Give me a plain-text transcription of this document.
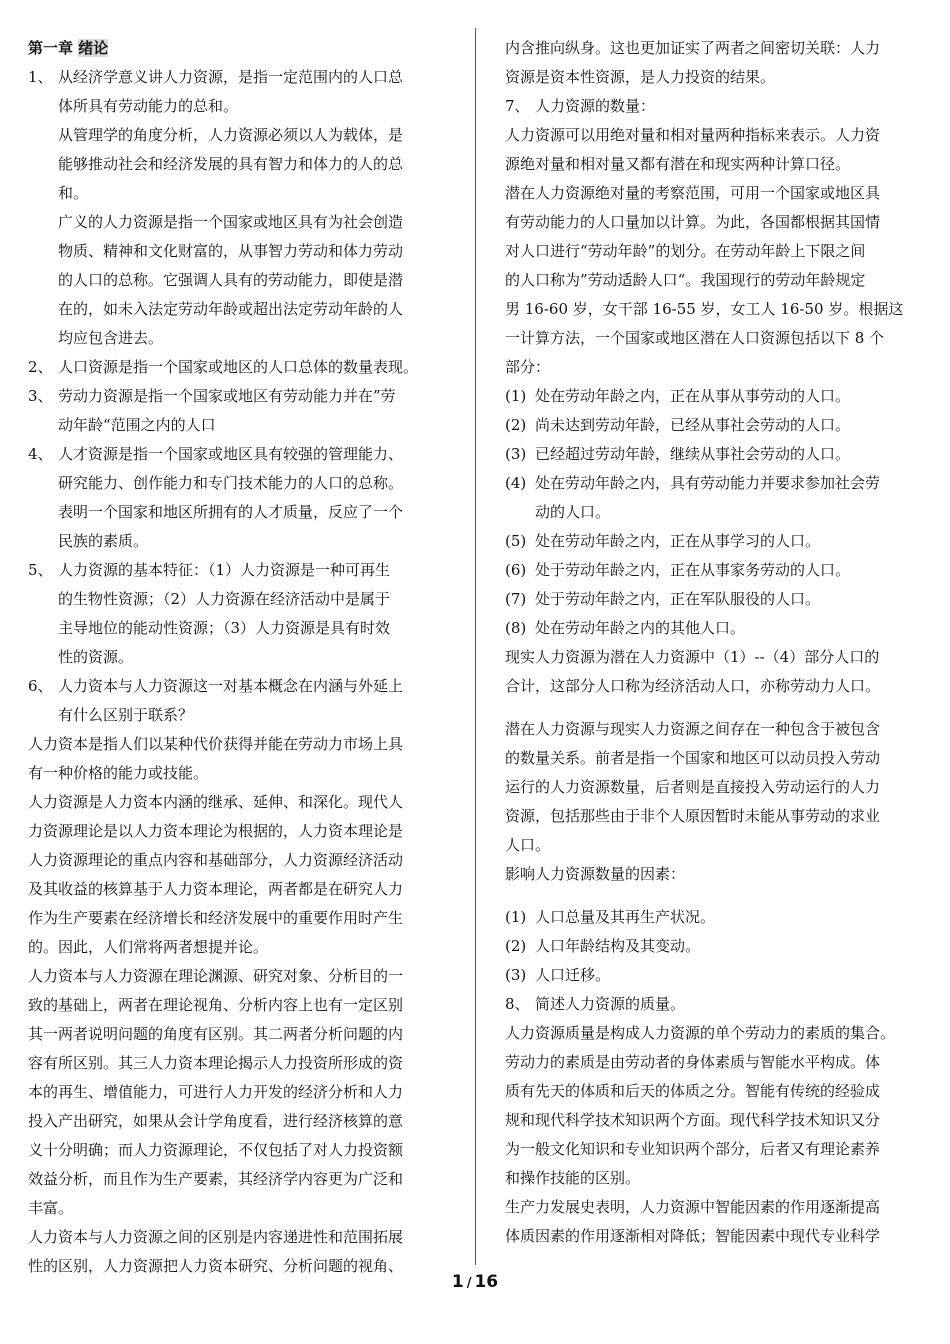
第一章 绪论
1、 从经济学意义讲人力资源，是指一定范围内的人口总
体所具有劳动能力的总和。
从管理学的角度分析，人力资源必须以人为载体，是
能够推动社会和经济发展的具有智力和体力的人的总
和。
广义的人力资源是指一个国家或地区具有为社会创造
物质、精神和文化财富的，从事智力劳动和体力劳动
的人口的总称。它强调人具有的劳动能力，即使是潜
在的，如未入法定劳动年龄或超出法定劳动年龄的人
均应包含进去。
2、 人口资源是指一个国家或地区的人口总体的数量表现。
3、 劳动力资源是指一个国家或地区有劳动能力并在”劳
动年龄“范围之内的人口
4、 人才资源是指一个国家或地区具有较强的管理能力、
研究能力、创作能力和专门技术能力的人口的总称。
表明一个国家和地区所拥有的人才质量，反应了一个
民族的素质。
5、 人力资源的基本特征：（1）人力资源是一种可再生
的生物性资源；（2）人力资源在经济活动中是属于
主导地位的能动性资源；（3）人力资源是具有时效
性的资源。
6、 人力资本与人力资源这一对基本概念在内涵与外延上
有什么区别于联系？
人力资本是指人们以某种代价获得并能在劳动力市场上具
有一种价格的能力或技能。
人力资源是人力资本内涵的继承、延伸、和深化。现代人
力资源理论是以人力资本理论为根据的，人力资本理论是
人力资源理论的重点内容和基础部分，人力资源经济活动
及其收益的核算基于人力资本理论，两者都是在研究人力
作为生产要素在经济增长和经济发展中的重要作用时产生
的。因此，人们常将两者想提并论。
人力资本与人力资源在理论渊源、研究对象、分析目的一
致的基础上，两者在理论视角、分析内容上也有一定区别
其一两者说明问题的角度有区别。其二两者分析问题的内
容有所区别。其三人力资本理论揭示人力投资所形成的资
本的再生、增值能力，可进行人力开发的经济分析和人力
投入产出研究，如果从会计学角度看，进行经济核算的意
义十分明确；而人力资源理论，不仅包括了对人力投资额
效益分析，而且作为生产要素，其经济学内容更为广泛和
丰富。
人力资本与人力资源之间的区别是内容递进性和范围拓展
性的区别，人力资源把人力资本研究、分析问题的视角、
内含推向纵身。这也更加证实了两者之间密切关联：人力
资源是资本性资源，是人力投资的结果。
7、 人力资源的数量：
人力资源可以用绝对量和相对量两种指标来表示。人力资
源绝对量和相对量又都有潜在和现实两种计算口径。
潜在人力资源绝对量的考察范围，可用一个国家或地区具
有劳动能力的人口量加以计算。为此，各国都根据其国情
对人口进行“劳动年龄”的划分。在劳动年龄上下限之间
的人口称为”劳动适龄人口“。我国现行的劳动年龄规定
男 16-60 岁，女干部 16-55 岁，女工人 16-50 岁。根据这
一计算方法，一个国家或地区潜在人口资源包括以下 8 个
部分：
(1) 处在劳动年龄之内，正在从事从事劳动的人口。
(2) 尚未达到劳动年龄，已经从事社会劳动的人口。
(3) 已经超过劳动年龄，继续从事社会劳动的人口。
(4) 处在劳动年龄之内，具有劳动能力并要求参加社会劳
动的人口。
(5) 处在劳动年龄之内，正在从事学习的人口。
(6) 处于劳动年龄之内，正在从事家务劳动的人口。
(7) 处于劳动年龄之内，正在军队服役的人口。
(8) 处在劳动年龄之内的其他人口。
现实人力资源为潜在人力资源中（1）--（4）部分人口的
合计，这部分人口称为经济活动人口，亦称劳动力人口。
潜在人力资源与现实人力资源之间存在一种包含于被包含
的数量关系。前者是指一个国家和地区可以动员投入劳动
运行的人力资源数量，后者则是直接投入劳动运行的人力
资源，包括那些由于非个人原因暂时未能从事劳动的求业
人口。
影响人力资源数量的因素：
(1) 人口总量及其再生产状况。
(2) 人口年龄结构及其变动。
(3) 人口迁移。
8、 简述人力资源的质量。
人力资源质量是构成人力资源的单个劳动力的素质的集合。
劳动力的素质是由劳动者的身体素质与智能水平构成。体
质有先天的体质和后天的体质之分。智能有传统的经验成
规和现代科学技术知识两个方面。现代科学技术知识又分
为一般文化知识和专业知识两个部分，后者又有理论素养
和操作技能的区别。
生产力发展史表明，人力资源中智能因素的作用逐渐提高
体质因素的作用逐渐相对降低；智能因素中现代专业科学
1 / 16
